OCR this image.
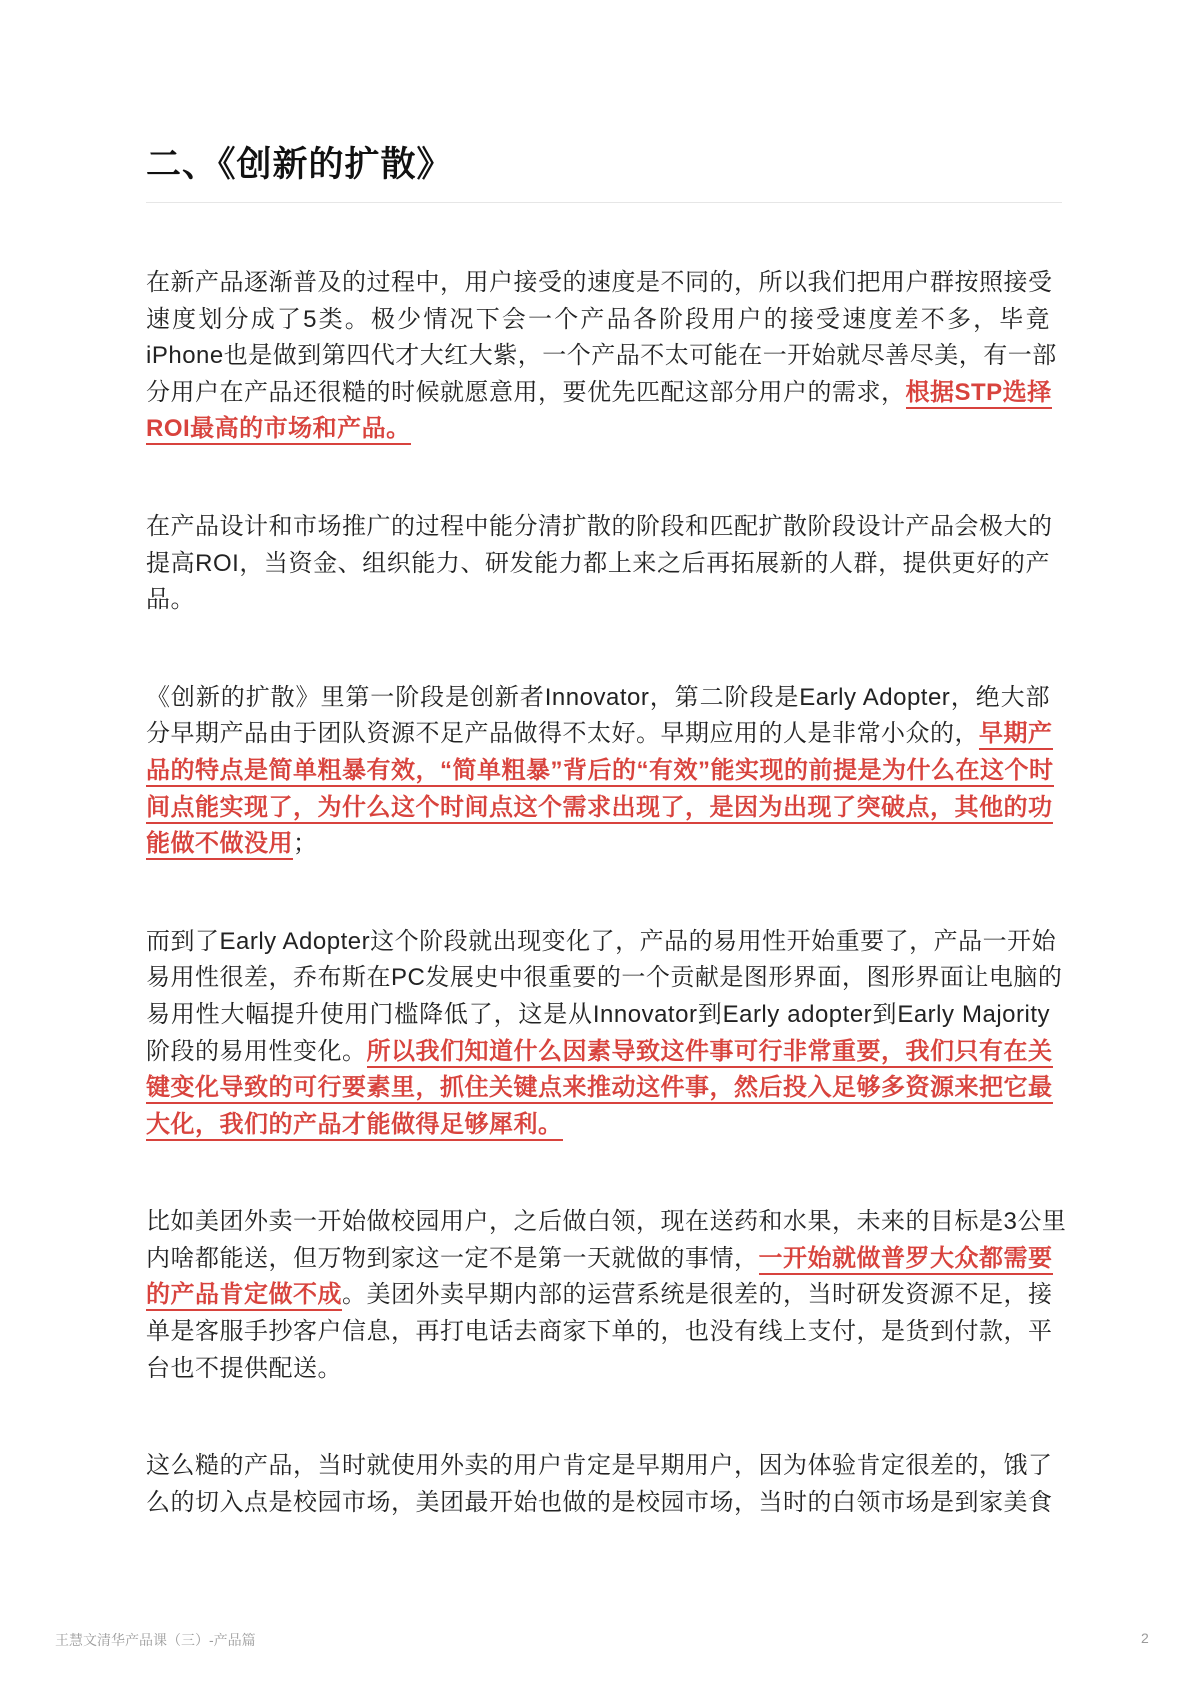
二、《创新的扩散》
在新产品逐渐普及的过程中，用户接受的速度是不同的，所以我们把用户群按照接受
速度划分成了5类。极少情况下会一个产品各阶段用户的接受速度差不多，毕竟
iPhone也是做到第四代才大红大紫，一个产品不太可能在一开始就尽善尽美，有一部
分用户在产品还很糙的时候就愿意用，要优先匹配这部分用户的需求，根据STP选择
ROI最高的市场和产品。
在产品设计和市场推广的过程中能分清扩散的阶段和匹配扩散阶段设计产品会极大的
提高ROI，当资金、组织能力、研发能力都上来之后再拓展新的人群，提供更好的产
品。
《创新的扩散》里第一阶段是创新者Innovator，第二阶段是Early Adopter，绝大部
分早期产品由于团队资源不足产品做得不太好。早期应用的人是非常小众的，早期产
品的特点是简单粗暴有效，“简单粗暴”背后的“有效”能实现的前提是为什么在这个时
间点能实现了，为什么这个时间点这个需求出现了，是因为出现了突破点，其他的功
能做不做没用；
而到了Early Adopter这个阶段就出现变化了，产品的易用性开始重要了，产品一开始
易用性很差，乔布斯在PC发展史中很重要的一个贡献是图形界面，图形界面让电脑的
易用性大幅提升使用门槛降低了，这是从Innovator到Early adopter到Early Majority
阶段的易用性变化。所以我们知道什么因素导致这件事可行非常重要，我们只有在关
键变化导致的可行要素里，抓住关键点来推动这件事，然后投入足够多资源来把它最
大化，我们的产品才能做得足够犀利。
比如美团外卖一开始做校园用户，之后做白领，现在送药和水果，未来的目标是3公里
内啥都能送，但万物到家这一定不是第一天就做的事情，一开始就做普罗大众都需要
的产品肯定做不成。美团外卖早期内部的运营系统是很差的，当时研发资源不足，接
单是客服手抄客户信息，再打电话去商家下单的，也没有线上支付，是货到付款，平
台也不提供配送。
这么糙的产品，当时就使用外卖的用户肯定是早期用户，因为体验肯定很差的，饿了
么的切入点是校园市场，美团最开始也做的是校园市场，当时的白领市场是到家美食
王慧文清华产品课（三）-产品篇	2
